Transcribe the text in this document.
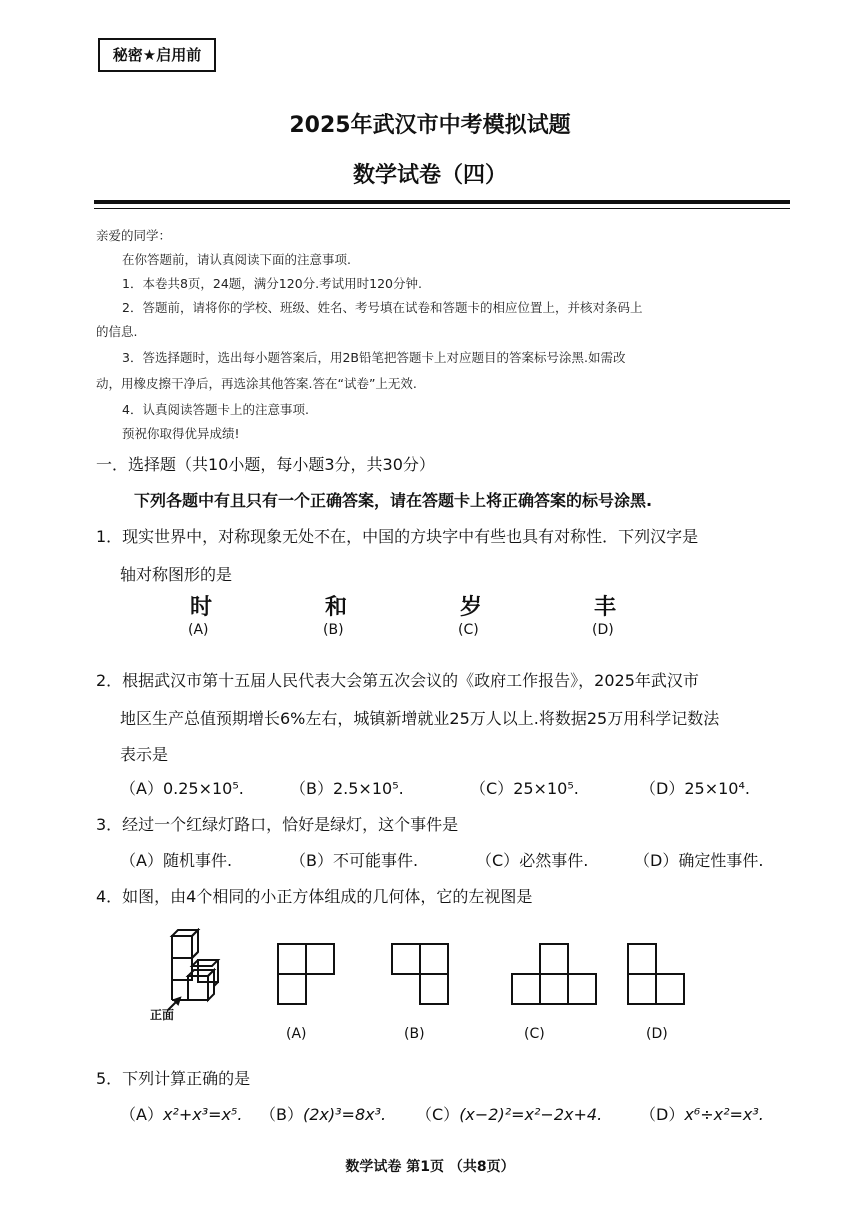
秘密★启用前
2025年武汉市中考模拟试题
数学试卷（四）
亲爱的同学：
在你答题前，请认真阅读下面的注意事项.
1．本卷共8页，24题，满分120分.考试用时120分钟.
2．答题前，请将你的学校、班级、姓名、考号填在试卷和答题卡的相应位置上，并核对条码上
的信息.
3．答选择题时，选出每小题答案后，用2B铅笔把答题卡上对应题目的答案标号涂黑.如需改
动，用橡皮擦干净后，再选涂其他答案.答在“试卷”上无效.
4．认真阅读答题卡上的注意事项.
预祝你取得优异成绩!
一．选择题（共10小题，每小题3分，共30分）
下列各题中有且只有一个正确答案，请在答题卡上将正确答案的标号涂黑.
1．现实世界中，对称现象无处不在，中国的方块字中有些也具有对称性．下列汉字是
轴对称图形的是
时
(A)
和
(B)
岁
(C)
丰
(D)
2．根据武汉市第十五届人民代表大会第五次会议的《政府工作报告》，2025年武汉市
地区生产总值预期增长6%左右，城镇新增就业25万人以上.将数据25万用科学记数法
表示是
（A）0.25×10⁵.	（B）2.5×10⁵.	（C）25×10⁵.	（D）25×10⁴.
3．经过一个红绿灯路口，恰好是绿灯，这个事件是
（A）随机事件.	（B）不可能事件.	（C）必然事件.	（D）确定性事件.
4．如图，由4个相同的小正方体组成的几何体，它的左视图是
正面
(A)	(B)	(C)	(D)
5．下列计算正确的是
（A）x²+x³=x⁵. （B）(2x)³=8x³. （C）(x−2)²=x²−2x+4. （D）x⁶÷x²=x³.
数学试卷 第1页 （共8页）
